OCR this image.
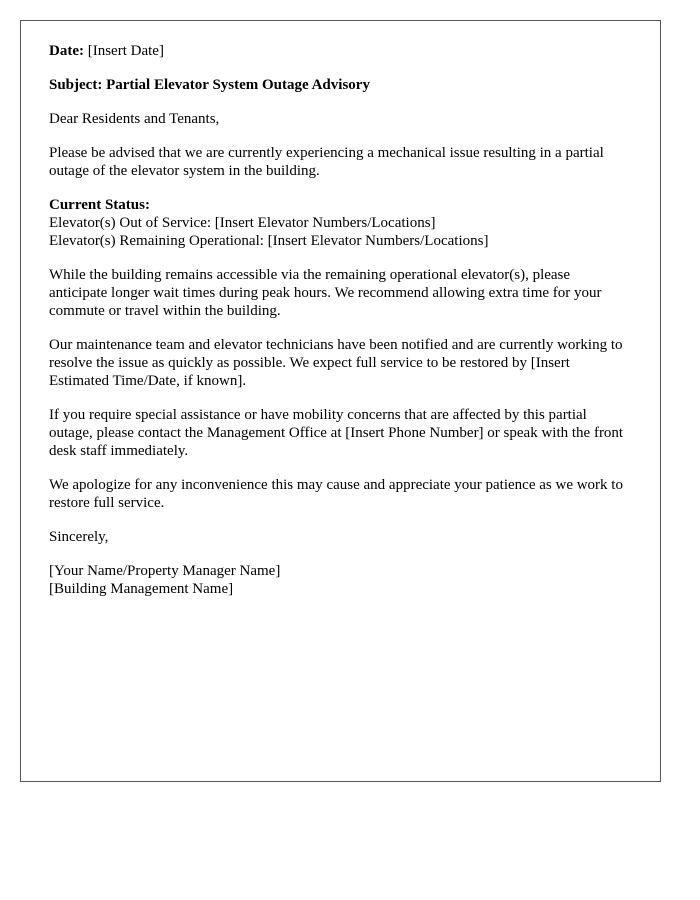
Date: [Insert Date]

Subject: Partial Elevator System Outage Advisory

Dear Residents and Tenants,

Please be advised that we are currently experiencing a mechanical issue resulting in a partial outage of the elevator system in the building.

Current Status:
Elevator(s) Out of Service: [Insert Elevator Numbers/Locations]
Elevator(s) Remaining Operational: [Insert Elevator Numbers/Locations]

While the building remains accessible via the remaining operational elevator(s), please anticipate longer wait times during peak hours. We recommend allowing extra time for your commute or travel within the building.

Our maintenance team and elevator technicians have been notified and are currently working to resolve the issue as quickly as possible. We expect full service to be restored by [Insert Estimated Time/Date, if known].

If you require special assistance or have mobility concerns that are affected by this partial outage, please contact the Management Office at [Insert Phone Number] or speak with the front desk staff immediately.

We apologize for any inconvenience this may cause and appreciate your patience as we work to restore full service.

Sincerely,

[Your Name/Property Manager Name]
[Building Management Name]
